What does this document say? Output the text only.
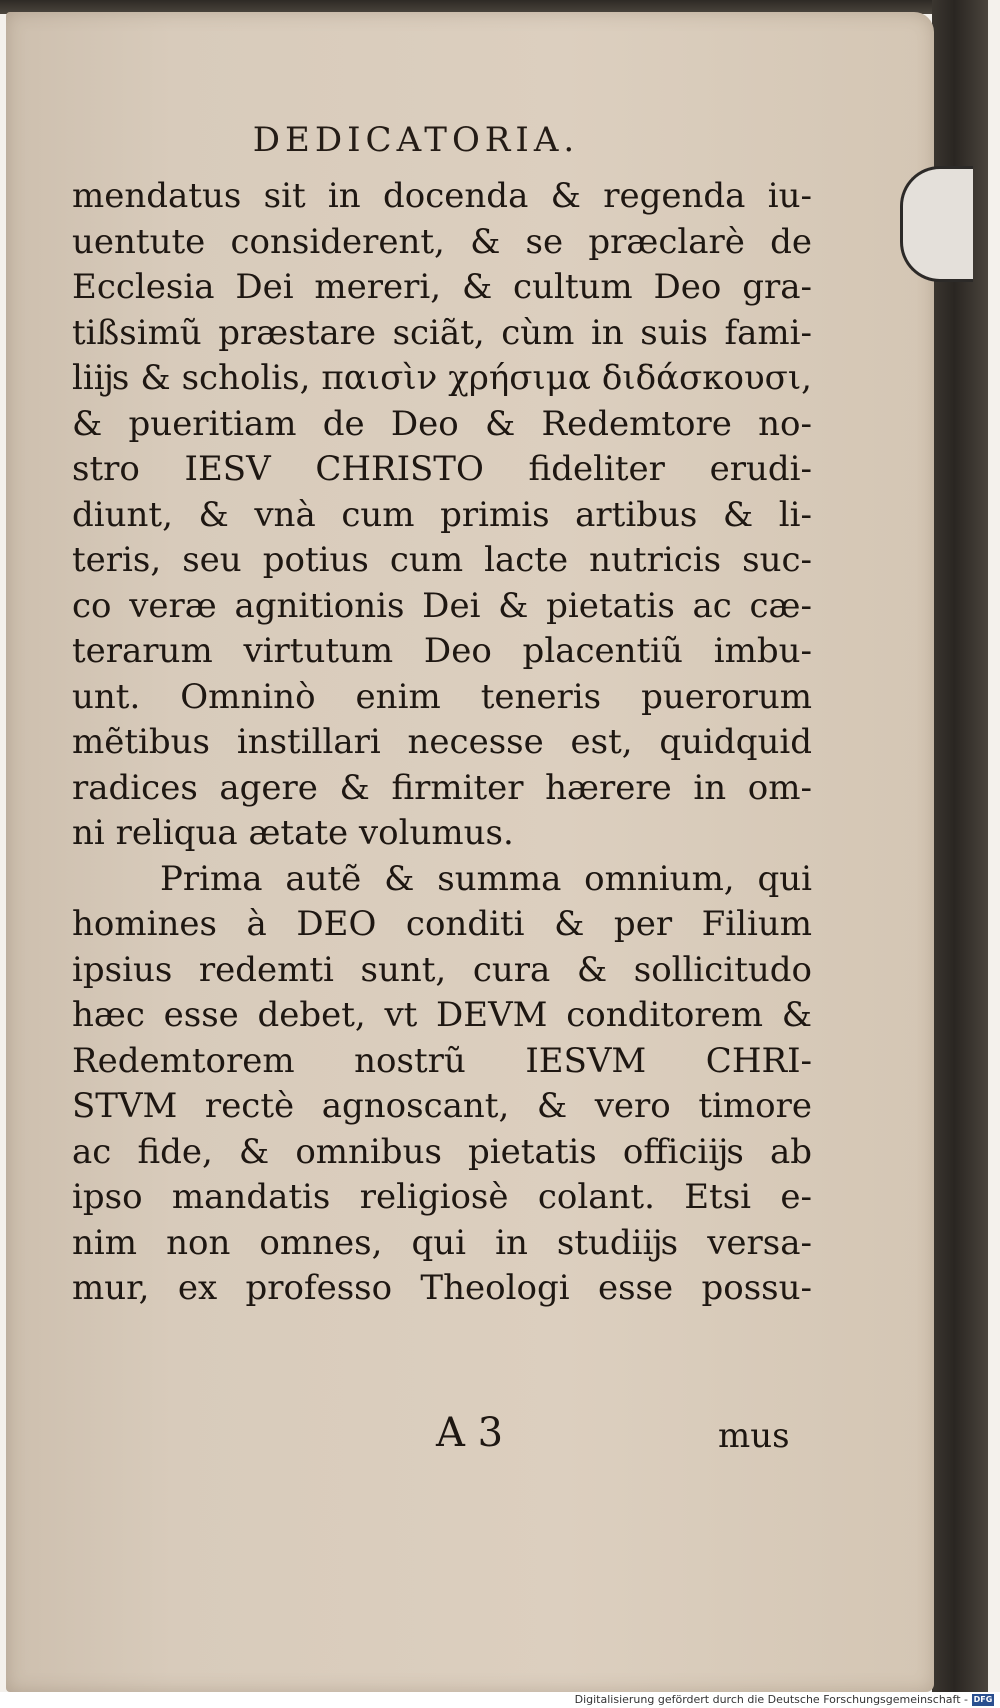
DEDICATORIA.
mendatus sit in docenda & regenda iu-
uentute considerent, & se præclarè de
Ecclesia Dei mereri, & cultum Deo gra-
tißsimũ præstare sciãt, cùm in suis fami-
liĳs & scholis, παισὶν χρήσιμα διδάσκουσι,
& pueritiam de Deo & Redemtore no-
stro IESV CHRISTO fideliter erudi-
diunt, & vnà cum primis artibus & li-
teris, seu potius cum lacte nutricis suc-
co veræ agnitionis Dei & pietatis ac cæ-
terarum virtutum Deo placentiũ imbu-
unt. Omninò enim teneris puerorum
mẽtibus instillari necesse est, quidquid
radices agere & firmiter hærere in om-
ni reliqua ætate volumus.
Prima autẽ & summa omnium, qui
homines à DEO conditi & per Filium
ipsius redemti sunt, cura & sollicitudo
hæc esse debet, vt DEVM conditorem &
Redemtorem nostrũ IESVM CHRI-
STVM rectè agnoscant, & vero timore
ac fide, & omnibus pietatis officiĳs ab
ipso mandatis religiosè colant. Etsi e-
nim non omnes, qui in studiĳs versa-
mur, ex professo Theologi esse possu-
A 3	mus
Digitalisierung gefördert durch die Deutsche Forschungsgemeinschaft - DFG
